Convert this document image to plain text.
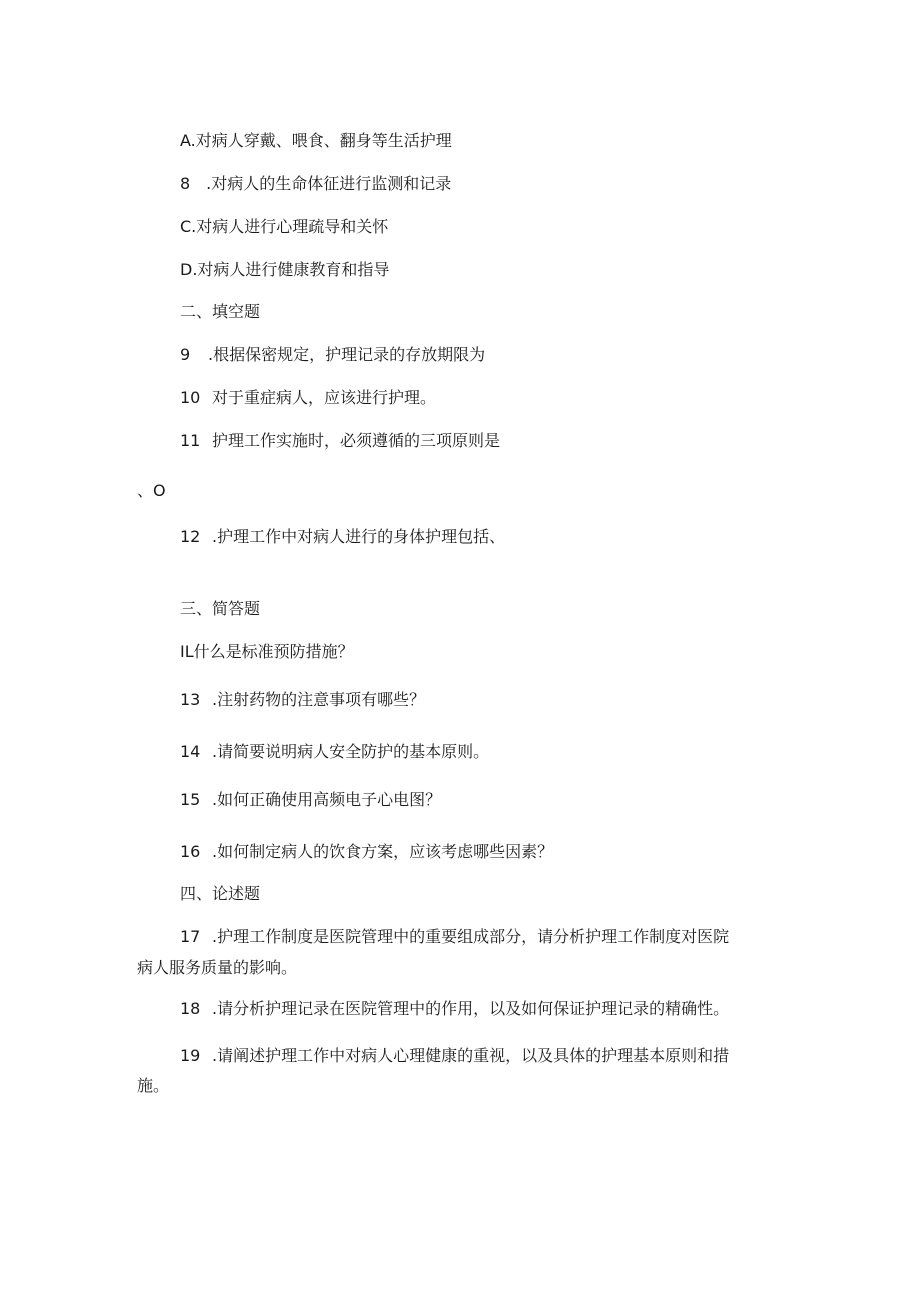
A.对病人穿戴、喂食、翻身等生活护理
8　.对病人的生命体征进行监测和记录
C.对病人进行心理疏导和关怀
D.对病人进行健康教育和指导
二、填空题
9 .根据保密规定，护理记录的存放期限为
10 对于重症病人，应该进行护理。
11 护理工作实施时，必须遵循的三项原则是
、O
12 .护理工作中对病人进行的身体护理包括、
三、简答题
IL什么是标准预防措施？
13 .注射药物的注意事项有哪些？
14 .请简要说明病人安全防护的基本原则。
15 .如何正确使用高频电子心电图？
16 .如何制定病人的饮食方案，应该考虑哪些因素？
四、论述题
17 .护理工作制度是医院管理中的重要组成部分，请分析护理工作制度对医院
病人服务质量的影响。
18 .请分析护理记录在医院管理中的作用，以及如何保证护理记录的精确性。
19 .请阐述护理工作中对病人心理健康的重视，以及具体的护理基本原则和措
施。
